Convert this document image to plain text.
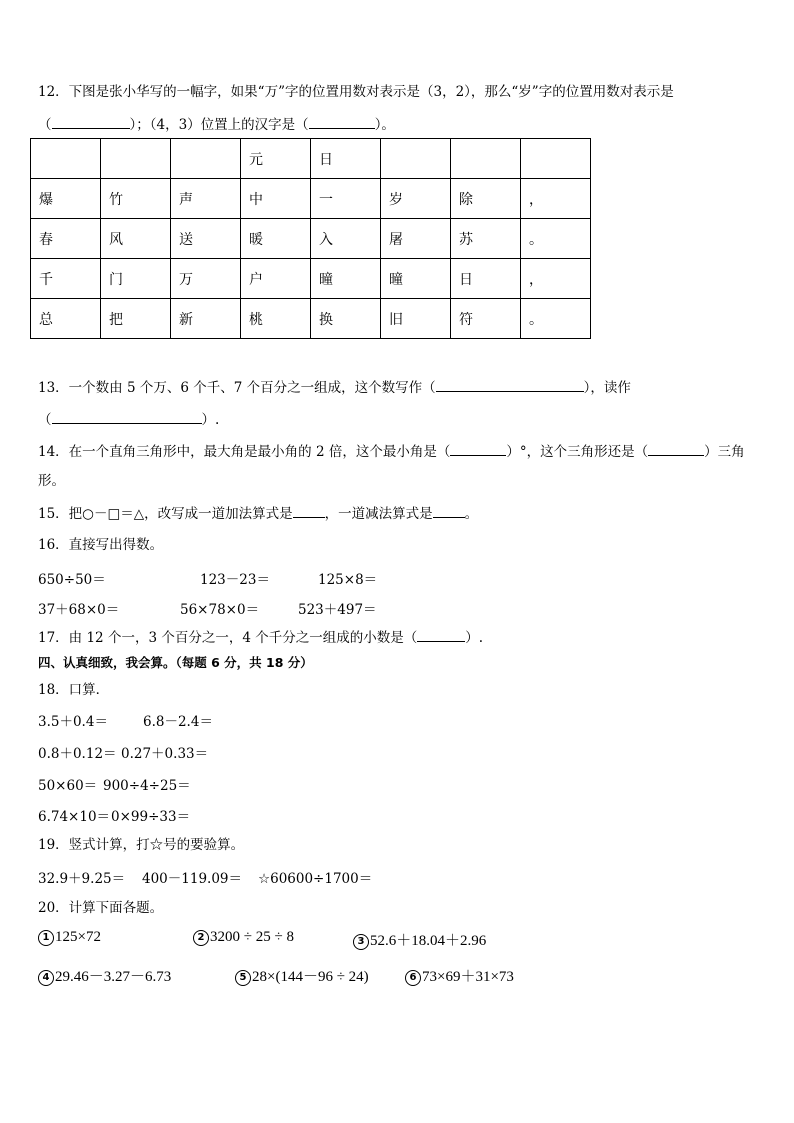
12．下图是张小华写的一幅字，如果“万”字的位置用数对表示是（3，2），那么“岁”字的位置用数对表示是
（	）；（4，3）位置上的汉字是（	）。
			元	日			
爆	竹	声	中	一	岁	除	，
春	风	送	暖	入	屠	苏	。
千	门	万	户	曈	曈	日	，
总	把	新	桃	换	旧	符	。
13．一个数由 5 个万、6 个千、7 个百分之一组成，这个数写作（	），读作
（	）.
14．在一个直角三角形中，最大角是最小角的 2 倍，这个最小角是（	）°，这个三角形还是（	）三角
形。
15．把○－□＝△，改写成一道加法算式是 ，一道减法算式是 。
16．直接写出得数。
650÷50＝	123－23＝	125×8＝
37＋68×0＝	56×78×0＝	523＋497＝
17．由 12 个一，3 个百分之一，4 个千分之一组成的小数是（	）.
四、认真细致，我会算。（每题 6 分，共 18 分）
18．口算．
3.5＋0.4＝	6.8－2.4＝
0.8＋0.12＝ 0.27＋0.33＝
50×60＝ 900÷4÷25＝
6.74×10＝ 0×99÷33＝
19．竖式计算，打☆号的要验算。
32.9＋9.25＝ 400－119.09＝ ☆60600÷1700＝
20．计算下面各题。
1 125×72	2 3200 ÷ 25 ÷ 8	3 52.6＋18.04＋2.96
4 29.46－3.27－6.73	5 28×(144－96 ÷ 24)	6 73×69＋31×73
